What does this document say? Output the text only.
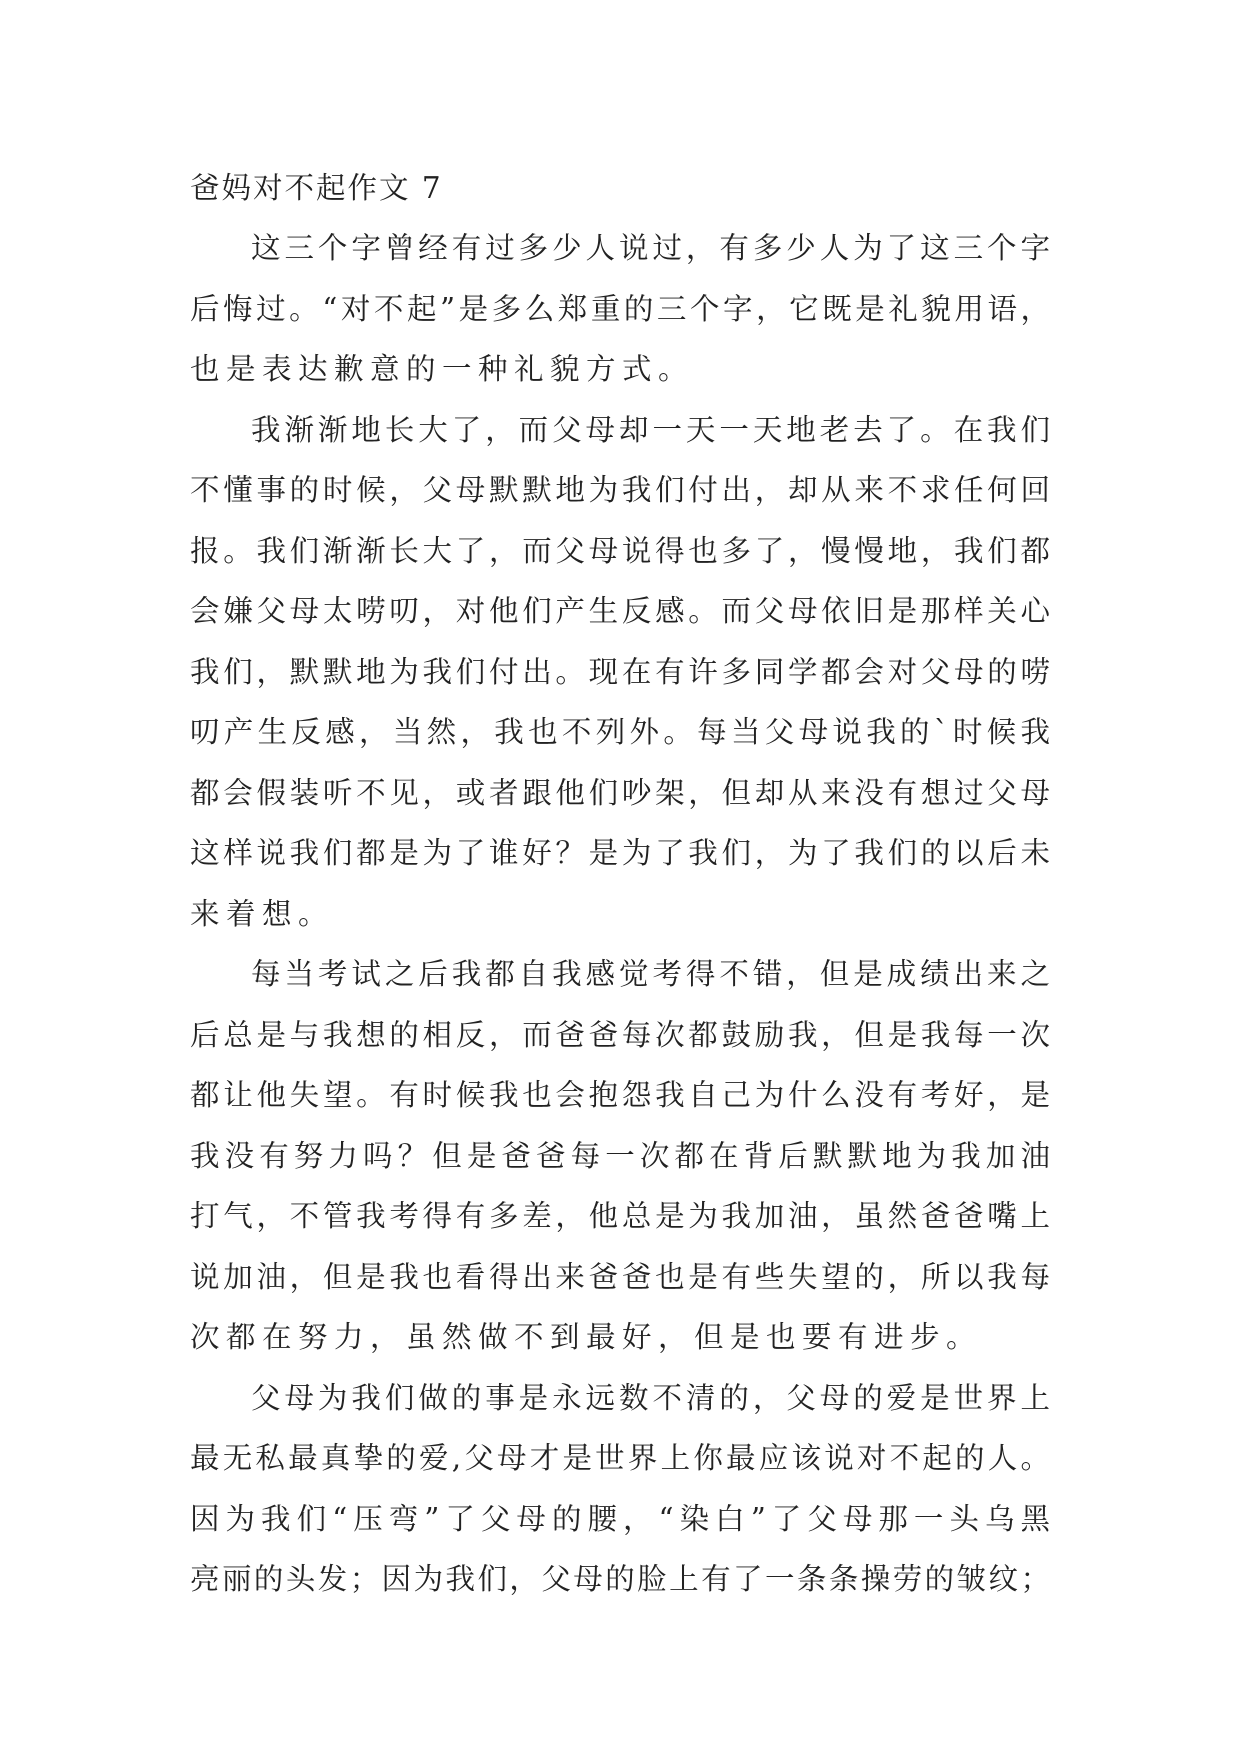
爸妈对不起作文 7
这三个字曾经有过多少人说过，有多少人为了这三个字
后悔过。“对不起”是多么郑重的三个字，它既是礼貌用语，
也是表达歉意的一种礼貌方式。
我渐渐地长大了，而父母却一天一天地老去了。在我们
不懂事的时候，父母默默地为我们付出，却从来不求任何回
报。我们渐渐长大了，而父母说得也多了，慢慢地，我们都
会嫌父母太唠叨，对他们产生反感。而父母依旧是那样关心
我们，默默地为我们付出。现在有许多同学都会对父母的唠
叨产生反感，当然，我也不列外。每当父母说我的`时候我
都会假装听不见，或者跟他们吵架，但却从来没有想过父母
这样说我们都是为了谁好？是为了我们，为了我们的以后未
来着想。
每当考试之后我都自我感觉考得不错，但是成绩出来之
后总是与我想的相反，而爸爸每次都鼓励我，但是我每一次
都让他失望。有时候我也会抱怨我自己为什么没有考好，是
我没有努力吗？但是爸爸每一次都在背后默默地为我加油
打气，不管我考得有多差，他总是为我加油，虽然爸爸嘴上
说加油，但是我也看得出来爸爸也是有些失望的，所以我每
次都在努力，虽然做不到最好，但是也要有进步。
父母为我们做的事是永远数不清的，父母的爱是世界上
最无私最真挚的爱,父母才是世界上你最应该说对不起的人。
因为我们“压弯”了父母的腰，“染白”了父母那一头乌黑
亮丽的头发；因为我们，父母的脸上有了一条条操劳的皱纹；
